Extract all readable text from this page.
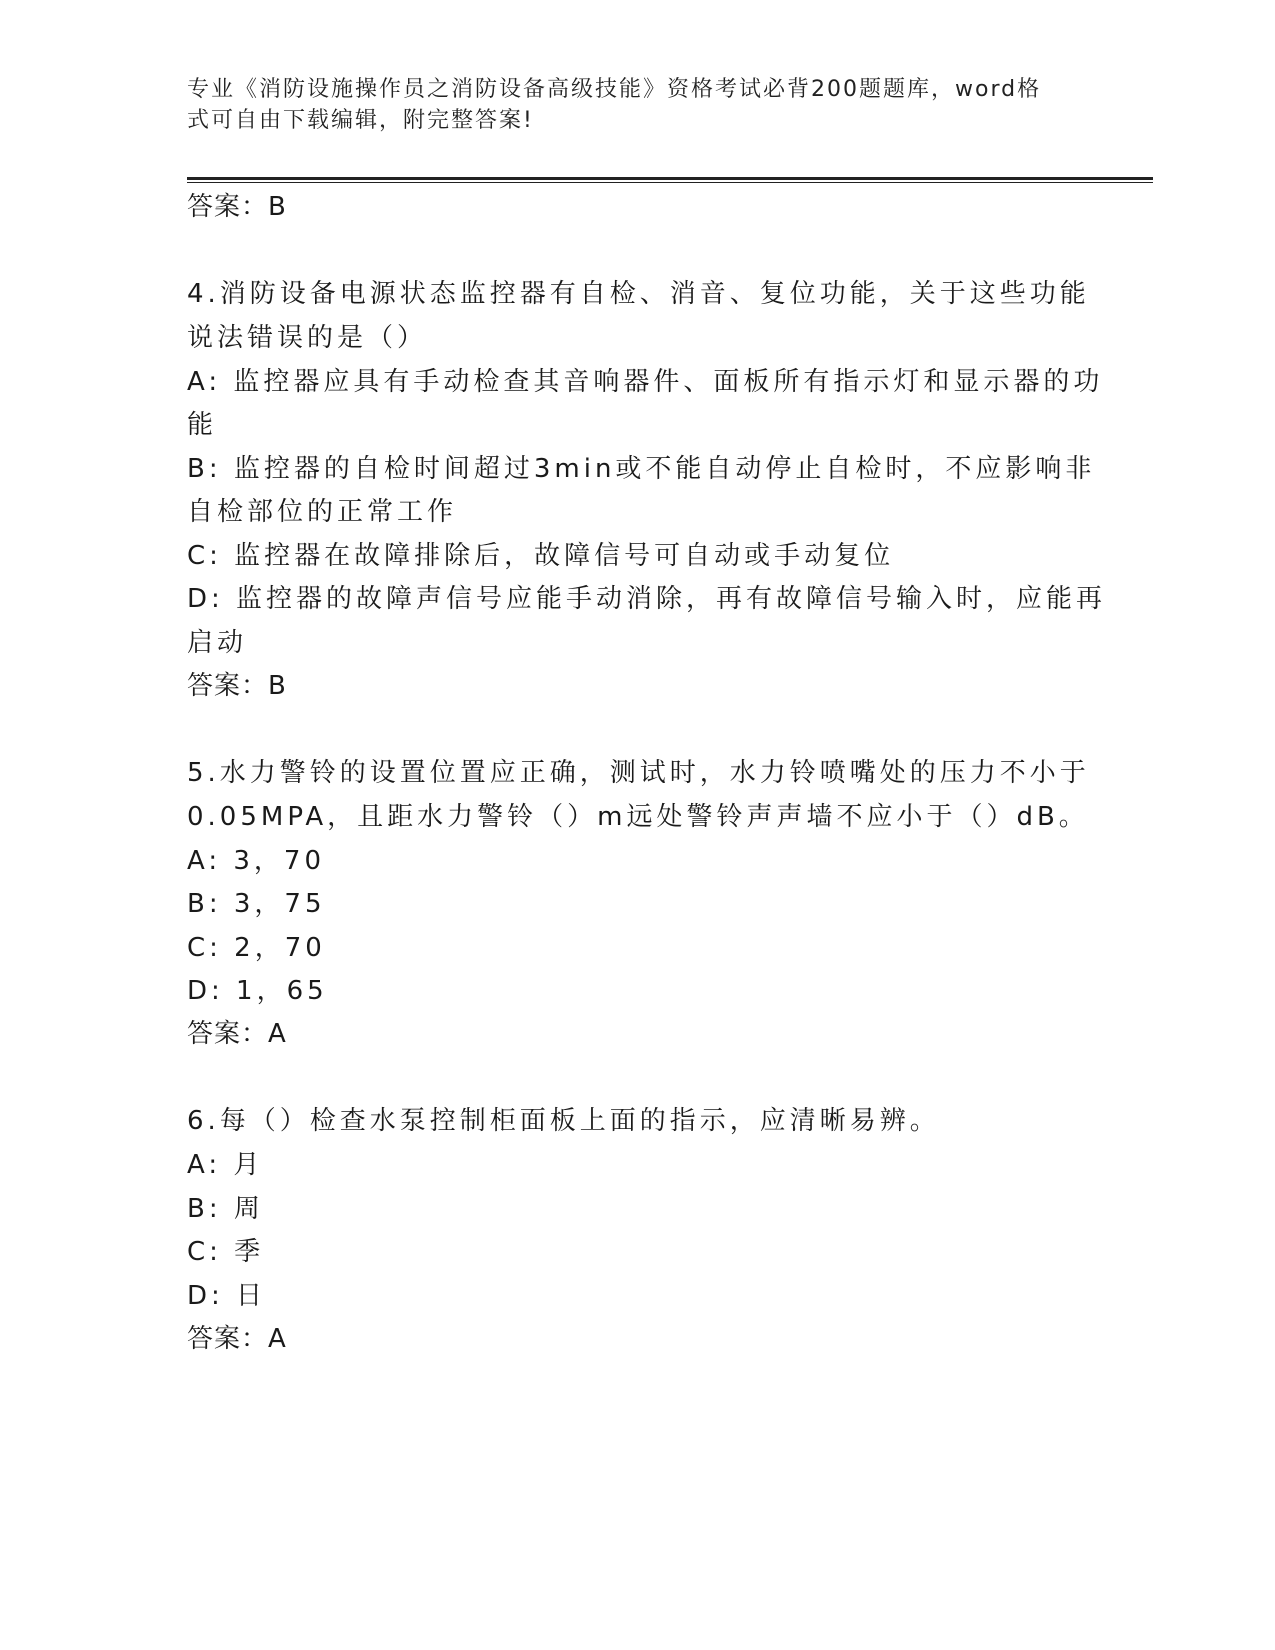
专业《消防设施操作员之消防设备高级技能》资格考试必背200题题库，word格
式可自由下载编辑，附完整答案!
答案：B
4.消防设备电源状态监控器有自检、消音、复位功能，关于这些功能
说法错误的是（）
A: 监控器应具有手动检查其音响器件、面板所有指示灯和显示器的功
能
B: 监控器的自检时间超过3min或不能自动停止自检时，不应影响非
自检部位的正常工作
C: 监控器在故障排除后，故障信号可自动或手动复位
D: 监控器的故障声信号应能手动消除，再有故障信号输入时，应能再
启动
答案：B
5.水力警铃的设置位置应正确，测试时，水力铃喷嘴处的压力不小于
0.05MPA，且距水力警铃（）m远处警铃声声墙不应小于（）dB。
A: 3，70
B: 3，75
C: 2，70
D: 1，65
答案：A
6.每（）检查水泵控制柜面板上面的指示，应清晰易辨。
A: 月
B: 周
C: 季
D: 日
答案：A
